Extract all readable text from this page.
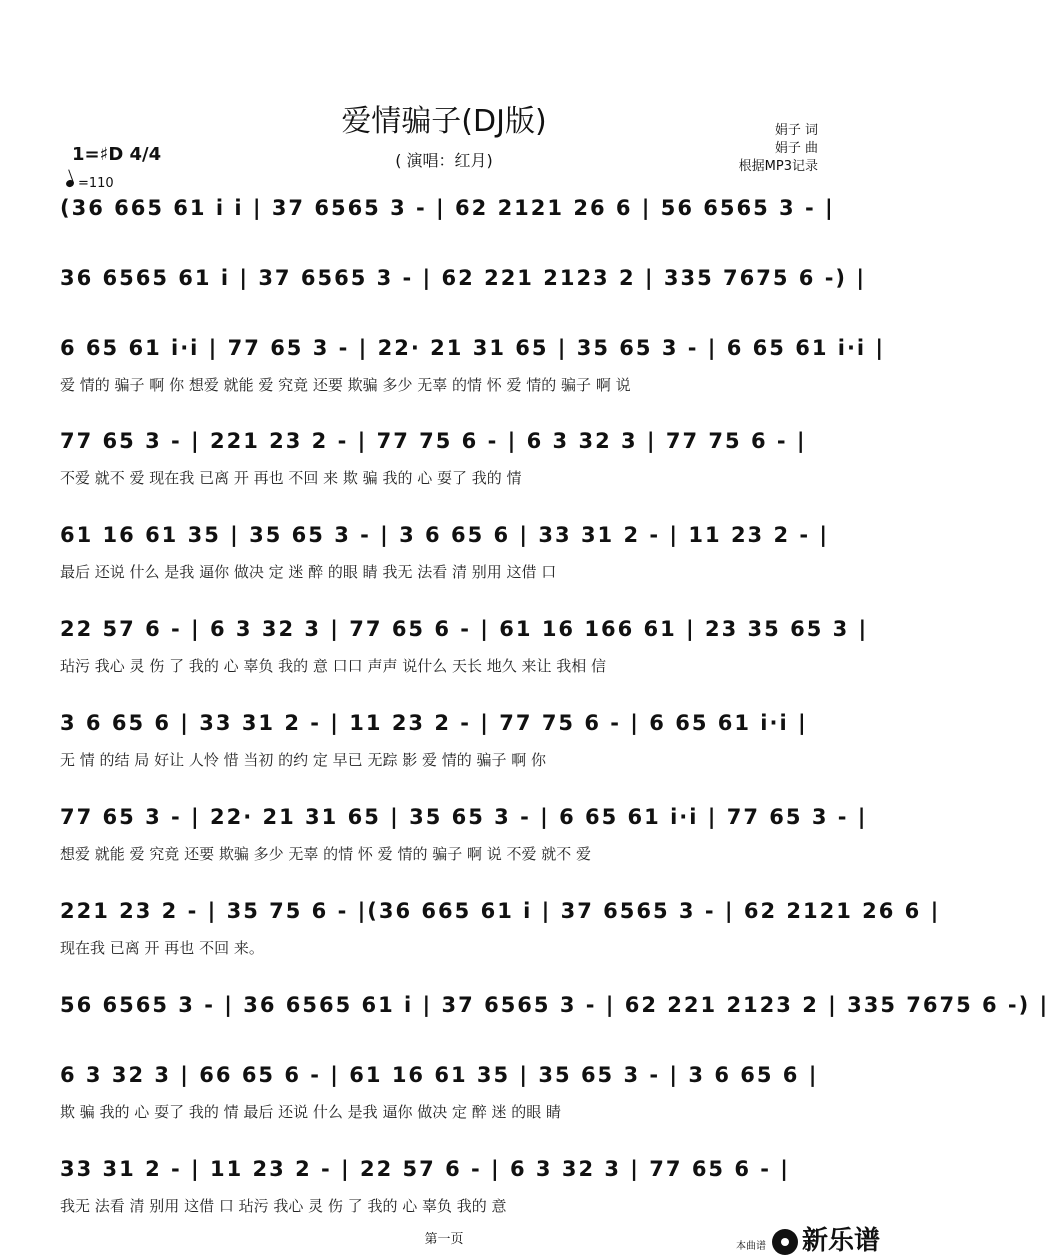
爱情骗子(DJ版)
( 演唱：红月)
娟子 词
娟子 曲
根据MP3记录
1=♯D 4/4
=110
(36 665 61 i i | 37 6565 3 - | 62 2121 26 6 | 56 6565 3 - |
36 6565 61 i | 37 6565 3 - | 62 221 2123 2 | 335 7675 6 -) |
6 65 61 i·i | 77 65 3 - | 22· 21 31 65 | 35 65 3 - | 6 65 61 i·i |
爱 情的 骗子 啊 你 想爱 就能 爱 究竟 还要 欺骗 多少 无辜 的情 怀 爱 情的 骗子 啊 说
77 65 3 - | 221 23 2 - | 77 75 6 - | 6 3 32 3 | 77 75 6 - |
不爱 就不 爱 现在我 已离 开 再也 不回 来 欺 骗 我的 心 耍了 我的 情
61 16 61 35 | 35 65 3 - | 3 6 65 6 | 33 31 2 - | 11 23 2 - |
最后 还说 什么 是我 逼你 做决 定 迷 醉 的眼 睛 我无 法看 清 别用 这借 口
22 57 6 - | 6 3 32 3 | 77 65 6 - | 61 16 166 61 | 23 35 65 3 |
玷污 我心 灵 伤 了 我的 心 辜负 我的 意 口口 声声 说什么 天长 地久 来让 我相 信
3 6 65 6 | 33 31 2 - | 11 23 2 - | 77 75 6 - | 6 65 61 i·i |
无 情 的结 局 好让 人怜 惜 当初 的约 定 早已 无踪 影 爱 情的 骗子 啊 你
77 65 3 - | 22· 21 31 65 | 35 65 3 - | 6 65 61 i·i | 77 65 3 - |
想爱 就能 爱 究竟 还要 欺骗 多少 无辜 的情 怀 爱 情的 骗子 啊 说 不爱 就不 爱
221 23 2 - | 35 75 6 - |(36 665 61 i | 37 6565 3 - | 62 2121 26 6 |
现在我 已离 开 再也 不回 来。
56 6565 3 - | 36 6565 61 i | 37 6565 3 - | 62 221 2123 2 | 335 7675 6 -) |
6 3 32 3 | 66 65 6 - | 61 16 61 35 | 35 65 3 - | 3 6 65 6 |
欺 骗 我的 心 耍了 我的 情 最后 还说 什么 是我 逼你 做决 定 醉 迷 的眼 睛
33 31 2 - | 11 23 2 - | 22 57 6 - | 6 3 32 3 | 77 65 6 - |
我无 法看 清 别用 这借 口 玷污 我心 灵 伤 了 我的 心 辜负 我的 意
第一页	本曲谱 新乐谱
